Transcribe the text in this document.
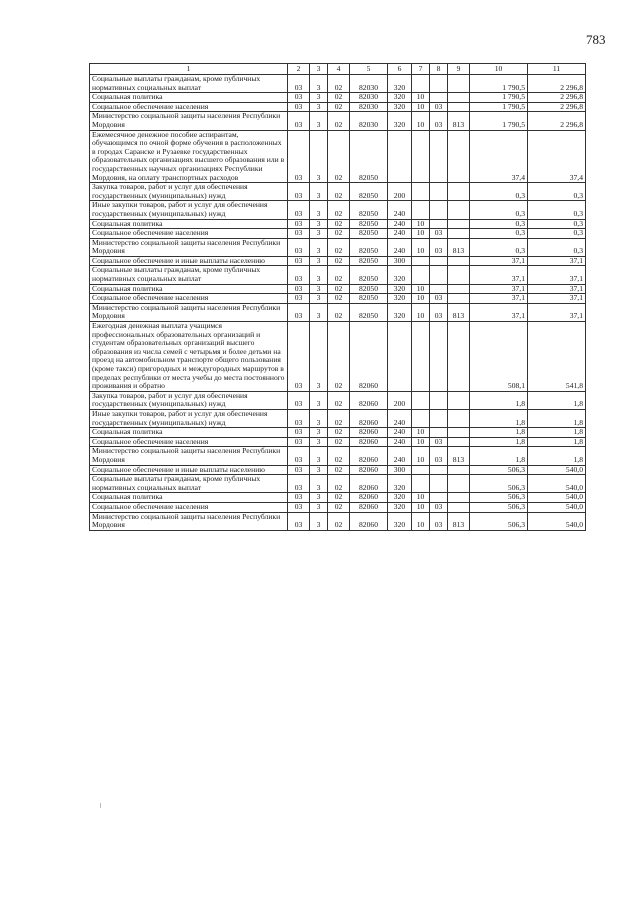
783
1	2	3	4	5	6	7	8	9	10	11
Социальные выплаты гражданам, кроме публичных нормативных социальных выплат	03	3	02	82030	320				1 790,5	2 296,8
Социальная политика	03	3	02	82030	320	10			1 790,5	2 296,8
Социальное обеспечение населения	03	3	02	82030	320	10	03		1 790,5	2 296,8
Министерство социальной защиты населения Республики Мордовия	03	3	02	82030	320	10	03	813	1 790,5	2 296,8
Ежемесячное денежное пособие аспирантам, обучающимся по очной форме обучения в расположенных в городах Саранске и Рузаевке государственных образовательных организациях высшего образования или в государственных научных организациях Республики Мордовия, на оплату транспортных расходов	03	3	02	82050					37,4	37,4
Закупка товаров, работ и услуг для обеспечения государственных (муниципальных) нужд	03	3	02	82050	200				0,3	0,3
Иные закупки товаров, работ и услуг для обеспечения государственных (муниципальных) нужд	03	3	02	82050	240				0,3	0,3
Социальная политика	03	3	02	82050	240	10			0,3	0,3
Социальное обеспечение населения	03	3	02	82050	240	10	03		0,3	0,3
Министерство социальной защиты населения Республики Мордовия	03	3	02	82050	240	10	03	813	0,3	0,3
Социальное обеспечение и иные выплаты населению	03	3	02	82050	300				37,1	37,1
Социальные выплаты гражданам, кроме публичных нормативных социальных выплат	03	3	02	82050	320				37,1	37,1
Социальная политика	03	3	02	82050	320	10			37,1	37,1
Социальное обеспечение населения	03	3	02	82050	320	10	03		37,1	37,1
Министерство социальной защиты населения Республики Мордовия	03	3	02	82050	320	10	03	813	37,1	37,1
Ежегодная денежная выплата учащимся профессиональных образовательных организаций и студентам образовательных организаций высшего образования из числа семей с четырьмя и более детьми на проезд на автомобильном транспорте общего пользования (кроме такси) пригородных и междугородных маршрутов в пределах республики от места учебы до места постоянного проживания и обратно	03	3	02	82060					508,1	541,8
Закупка товаров, работ и услуг для обеспечения государственных (муниципальных) нужд	03	3	02	82060	200				1,8	1,8
Иные закупки товаров, работ и услуг для обеспечения государственных (муниципальных) нужд	03	3	02	82060	240				1,8	1,8
Социальная политика	03	3	02	82060	240	10			1,8	1,8
Социальное обеспечение населения	03	3	02	82060	240	10	03		1,8	1,8
Министерство социальной защиты населения Республики Мордовия	03	3	02	82060	240	10	03	813	1,8	1,8
Социальное обеспечение и иные выплаты населению	03	3	02	82060	300				506,3	540,0
Социальные выплаты гражданам, кроме публичных нормативных социальных выплат	03	3	02	82060	320				506,3	540,0
Социальная политика	03	3	02	82060	320	10			506,3	540,0
Социальное обеспечение населения	03	3	02	82060	320	10	03		506,3	540,0
Министерство социальной защиты населения Республики Мордовия	03	3	02	82060	320	10	03	813	506,3	540,0
